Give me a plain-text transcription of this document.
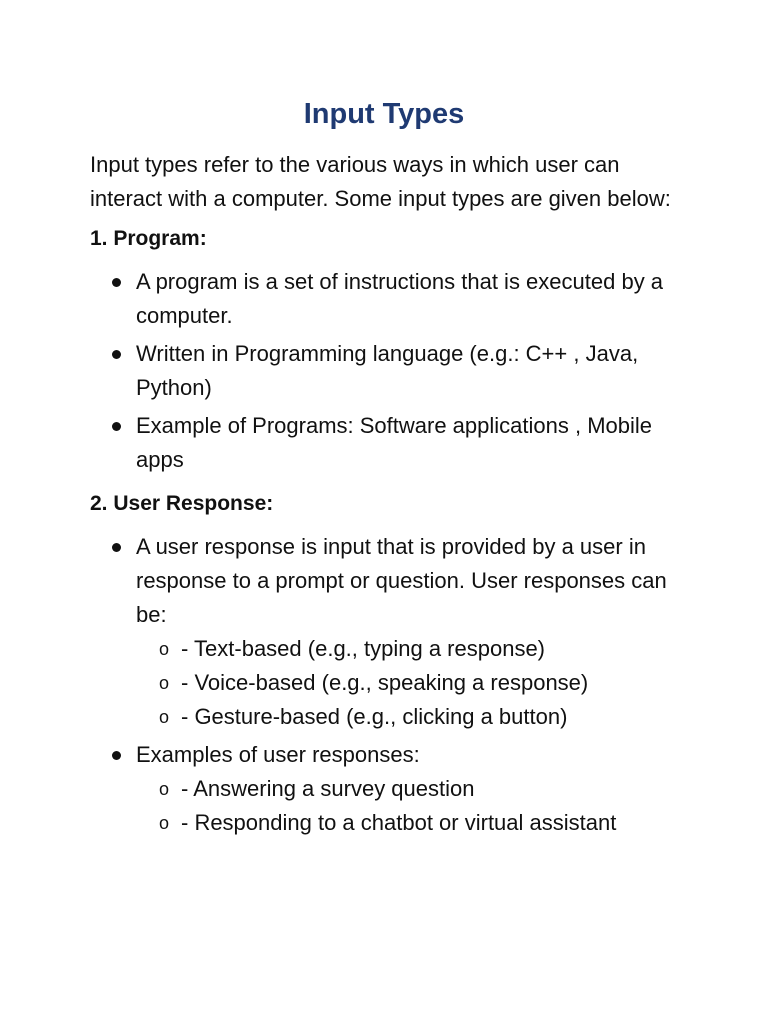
Input Types

Input types refer to the various ways in which user can interact with a computer. Some input types are given below:

1. Program:
A program is a set of instructions that is executed by a computer.
Written in Programming language (e.g.: C++ , Java, Python)
Example of Programs: Software applications , Mobile apps
2. User Response:
A user response is input that is provided by a user in response to a prompt or question. User responses can be:
o - Text-based (e.g., typing a response)
o - Voice-based (e.g., speaking a response)
o - Gesture-based (e.g., clicking a button)
Examples of user responses:
o - Answering a survey question
o - Responding to a chatbot or virtual assistant
